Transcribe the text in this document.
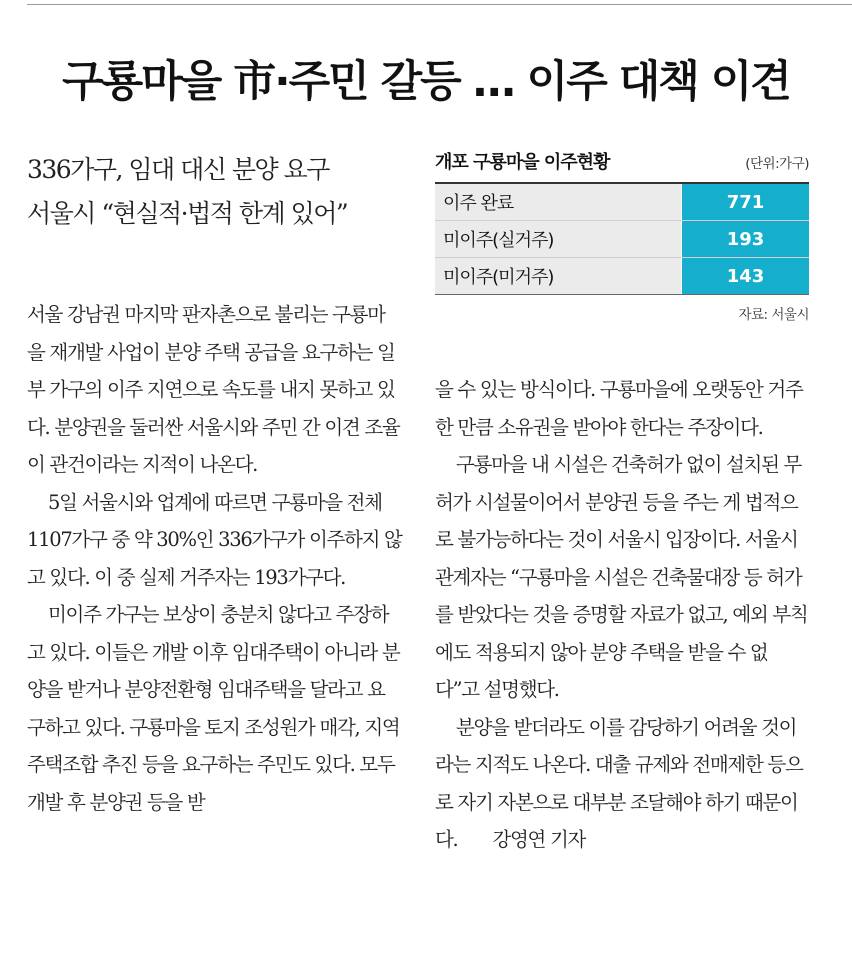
구룡마을 市·주민 갈등 … 이주 대책 이견
336가구, 임대 대신 분양 요구
서울시 “현실적·법적 한계 있어”
개포 구룡마을 이주현황	(단위:가구)
이주 완료	771
미이주(실거주)	193
미이주(미거주)	143
자료: 서울시

서울 강남권 마지막 판자촌으로 불리는 구룡마을 재개발 사업이 분양 주택 공급을 요구하는 일부 가구의 이주 지연으로 속도를 내지 못하고 있다. 분양권을 둘러싼 서울시와 주민 간 이견 조율이 관건이라는 지적이 나온다.

5일 서울시와 업계에 따르면 구룡마을 전체 1107가구 중 약 30%인 336가구가 이주하지 않고 있다. 이 중 실제 거주자는 193가구다.

미이주 가구는 보상이 충분치 않다고 주장하고 있다. 이들은 개발 이후 임대주택이 아니라 분양을 받거나 분양전환형 임대주택을 달라고 요구하고 있다. 구룡마을 토지 조성원가 매각, 지역주택조합 추진 등을 요구하는 주민도 있다. 모두 개발 후 분양권 등을 받

을 수 있는 방식이다. 구룡마을에 오랫동안 거주한 만큼 소유권을 받아야 한다는 주장이다.

구룡마을 내 시설은 건축허가 없이 설치된 무허가 시설물이어서 분양권 등을 주는 게 법적으로 불가능하다는 것이 서울시 입장이다. 서울시 관계자는 “구룡마을 시설은 건축물대장 등 허가를 받았다는 것을 증명할 자료가 없고, 예외 부칙에도 적용되지 않아 분양 주택을 받을 수 없다”고 설명했다.

분양을 받더라도 이를 감당하기 어려울 것이라는 지적도 나온다. 대출 규제와 전매제한 등으로 자기 자본으로 대부분 조달해야 하기 때문이다. 강영연 기자
